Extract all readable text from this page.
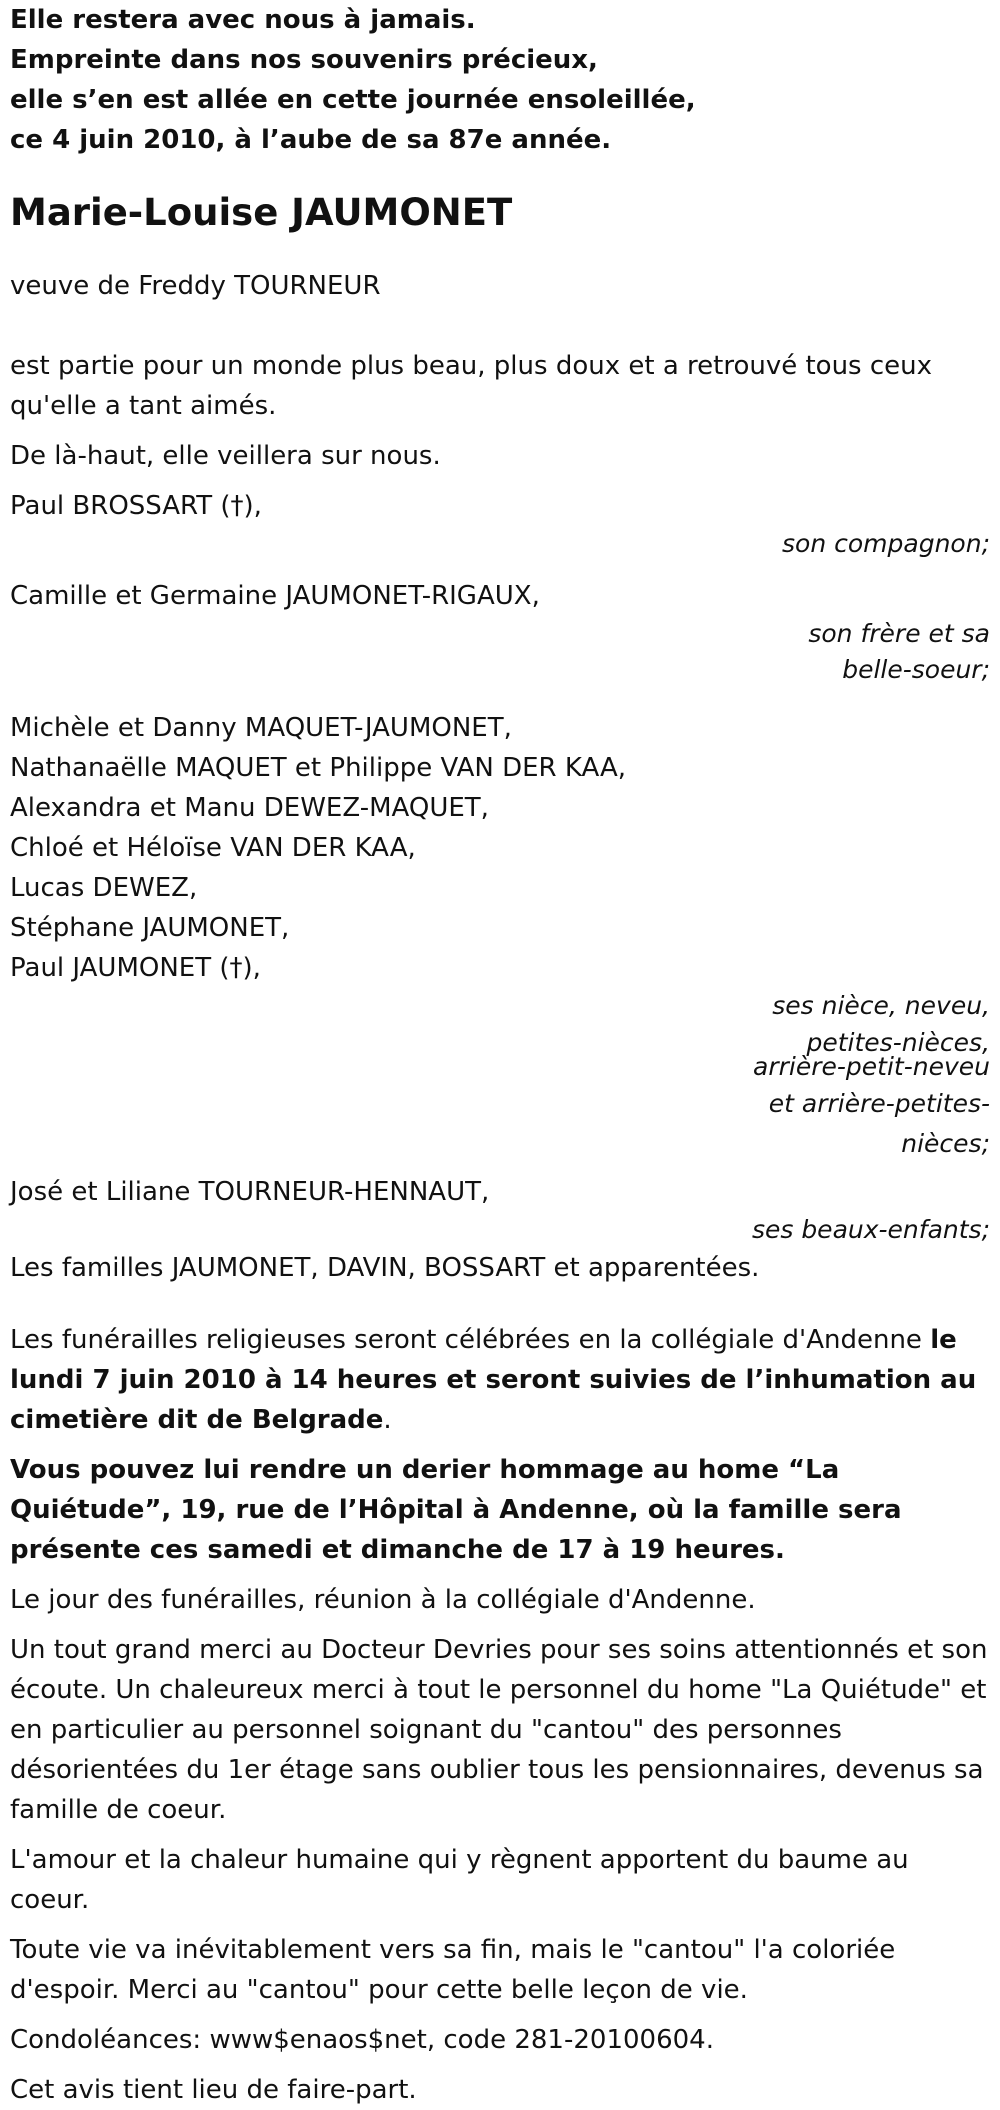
Elle restera avec nous à jamais.

Empreinte dans nos souvenirs précieux,

elle s’en est allée en cette journée ensoleillée,

ce 4 juin 2010, à l’aube de sa 87e année.

Marie-Louise JAUMONET

veuve de Freddy TOURNEUR

est partie pour un monde plus beau, plus doux et a retrouvé tous ceux qu'elle a tant aimés.

De là-haut, elle veillera sur nous.

Paul BROSSART (†),

son compagnon;

Camille et Germaine JAUMONET-RIGAUX,

son frère et sa

belle-soeur;

Michèle et Danny MAQUET-JAUMONET,

Nathanaëlle MAQUET et Philippe VAN DER KAA,

Alexandra et Manu DEWEZ-MAQUET,

Chloé et Héloïse VAN DER KAA,

Lucas DEWEZ,

Stéphane JAUMONET,

Paul JAUMONET (†),

ses nièce, neveu,

petites-nièces,

arrière-petit-neveu

et arrière-petites-

nièces;

José et Liliane TOURNEUR-HENNAUT,

ses beaux-enfants;

Les familles JAUMONET, DAVIN, BOSSART et apparentées.

Les funérailles religieuses seront célébrées en la collégiale d'Andenne le lundi 7 juin 2010 à 14 heures et seront suivies de l’inhumation au cimetière dit de Belgrade.

Vous pouvez lui rendre un derier hommage au home “La Quiétude”, 19, rue de l’Hôpital à Andenne, où la famille sera présente ces samedi et dimanche de 17 à 19 heures.

Le jour des funérailles, réunion à la collégiale d'Andenne.

Un tout grand merci au Docteur Devries pour ses soins attentionnés et son écoute. Un chaleureux merci à tout le personnel du home "La Quiétude" et en particulier au personnel soignant du "cantou" des personnes désorientées du 1er étage sans oublier tous les pensionnaires, devenus sa famille de coeur.

L'amour et la chaleur humaine qui y règnent apportent du baume au coeur.

Toute vie va inévitablement vers sa fin, mais le "cantou" l'a coloriée d'espoir. Merci au "cantou" pour cette belle leçon de vie.

Condoléances: www$enaos$net, code 281-20100604.

Cet avis tient lieu de faire-part.
